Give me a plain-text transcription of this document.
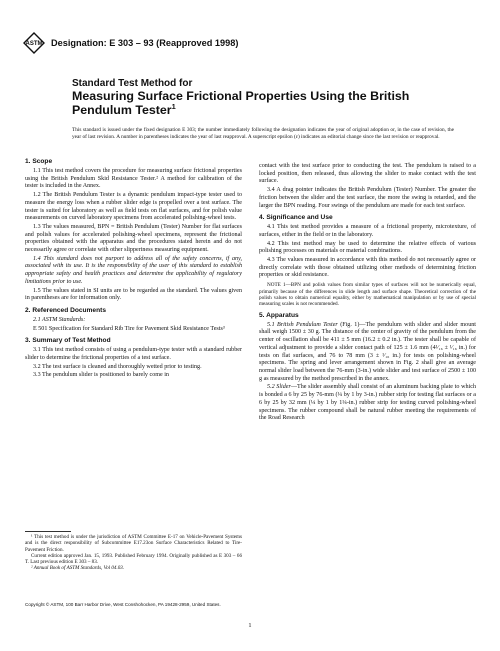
ASTM Designation: E 303 – 93 (Reapproved 1998)
Standard Test Method for
Measuring Surface Frictional Properties Using the British Pendulum Tester$^1$
This standard is issued under the fixed designation E 303; the number immediately following the designation indicates the year of original adoption or, in the case of revision, the year of last revision. A number in parentheses indicates the year of last reapproval. A superscript epsilon (ε) indicates an editorial change since the last revision or reapproval.
1. Scope
1.1 This test method covers the procedure for measuring surface frictional properties using the British Pendulum Skid Resistance Tester.² A method for calibration of the tester is included in the Annex.
1.2 The British Pendulum Tester is a dynamic pendulum impact-type tester used to measure the energy loss when a rubber slider edge is propelled over a test surface. The tester is suited for laboratory as well as field tests on flat surfaces, and for polish value measurements on curved laboratory specimens from accelerated polishing-wheel tests.
1.3 The values measured, BPN = British Pendulum (Tester) Number for flat surfaces and polish values for accelerated polishing-wheel specimens, represent the frictional properties obtained with the apparatus and the procedures stated herein and do not necessarily agree or correlate with other slipperiness measuring equipment.
1.4 This standard does not purport to address all of the safety concerns, if any, associated with its use. It is the responsibility of the user of this standard to establish appropriate safety and health practices and determine the applicability of regulatory limitations prior to use.
1.5 The values stated in SI units are to be regarded as the standard. The values given in parentheses are for information only.
2. Referenced Documents
2.1 ASTM Standards:
E 501 Specification for Standard Rib Tire for Pavement Skid Resistance Tests³
3. Summary of Test Method
3.1 This test method consists of using a pendulum-type tester with a standard rubber slider to determine the frictional properties of a test surface.
3.2 The test surface is cleaned and thoroughly wetted prior to testing.
3.3 The pendulum slider is positioned to barely come in
contact with the test surface prior to conducting the test. The pendulum is raised to a locked position, then released, thus allowing the slider to make contact with the test surface.
3.4 A drag pointer indicates the British Pendulum (Tester) Number. The greater the friction between the slider and the test surface, the more the swing is retarded, and the larger the BPN reading. Four swings of the pendulum are made for each test surface.
4. Significance and Use
4.1 This test method provides a measure of a frictional property, microtexture, of surfaces, either in the field or in the laboratory.
4.2 This test method may be used to determine the relative effects of various polishing processes on materials or material combinations.
4.3 The values measured in accordance with this method do not necessarily agree or directly correlate with those obtained utilizing other methods of determining friction properties or skid resistance.
NOTE 1—BPN and polish values from similar types of surfaces will not be numerically equal, primarily because of the differences in slide length and surface shape. Theoretical correction of the polish values to obtain numerical equality, either by mathematical manipulation or by use of special measuring scales is not recommended.
5. Apparatus
5.1 British Pendulum Tester (Fig. 1)—The pendulum with slider and slider mount shall weigh 1500 ± 30 g. The distance of the center of gravity of the pendulum from the center of oscillation shall be 411 ± 5 mm (16.2 ± 0.2 in.). The tester shall be capable of vertical adjustment to provide a slider contact path of 125 ± 1.6 mm (4¹⁄₁₆ ± ¹⁄₁₆ in.) for tests on flat surfaces, and 76 to 78 mm (3 ± ¹⁄₁₆ in.) for tests on polishing-wheel specimens. The spring and lever arrangement shown in Fig. 2 shall give an average normal slider load between the 76-mm (3-in.) wide slider and test surface of 2500 ± 100 g as measured by the method prescribed in the annex.
5.2 Slider—The slider assembly shall consist of an aluminum backing plate to which is bonded a 6 by 25 by 76-mm (¼ by 1 by 3-in.) rubber strip for testing flat surfaces or a 6 by 25 by 32 mm (¼ by 1 by 1¼-in.) rubber strip for testing curved polishing-wheel specimens. The rubber compound shall be natural rubber meeting the requirements of the Road Research
¹ This test method is under the jurisdiction of ASTM Committee E-17 on Vehicle-Pavement Systems and is the direct responsibility of Subcommittee E17.23on Surface Characteristics Related to Tire-Pavement Friction.
Current edition approved Jan. 15, 1993. Published February 1994. Originally published as E 303 – 66 T. Last previous edition E 303 – 83.
² Annual Book of ASTM Standards, Vol 04.03.
Copyright © ASTM, 100 Barr Harbor Drive, West Conshohocken, PA 19428-2959, United States.
1
